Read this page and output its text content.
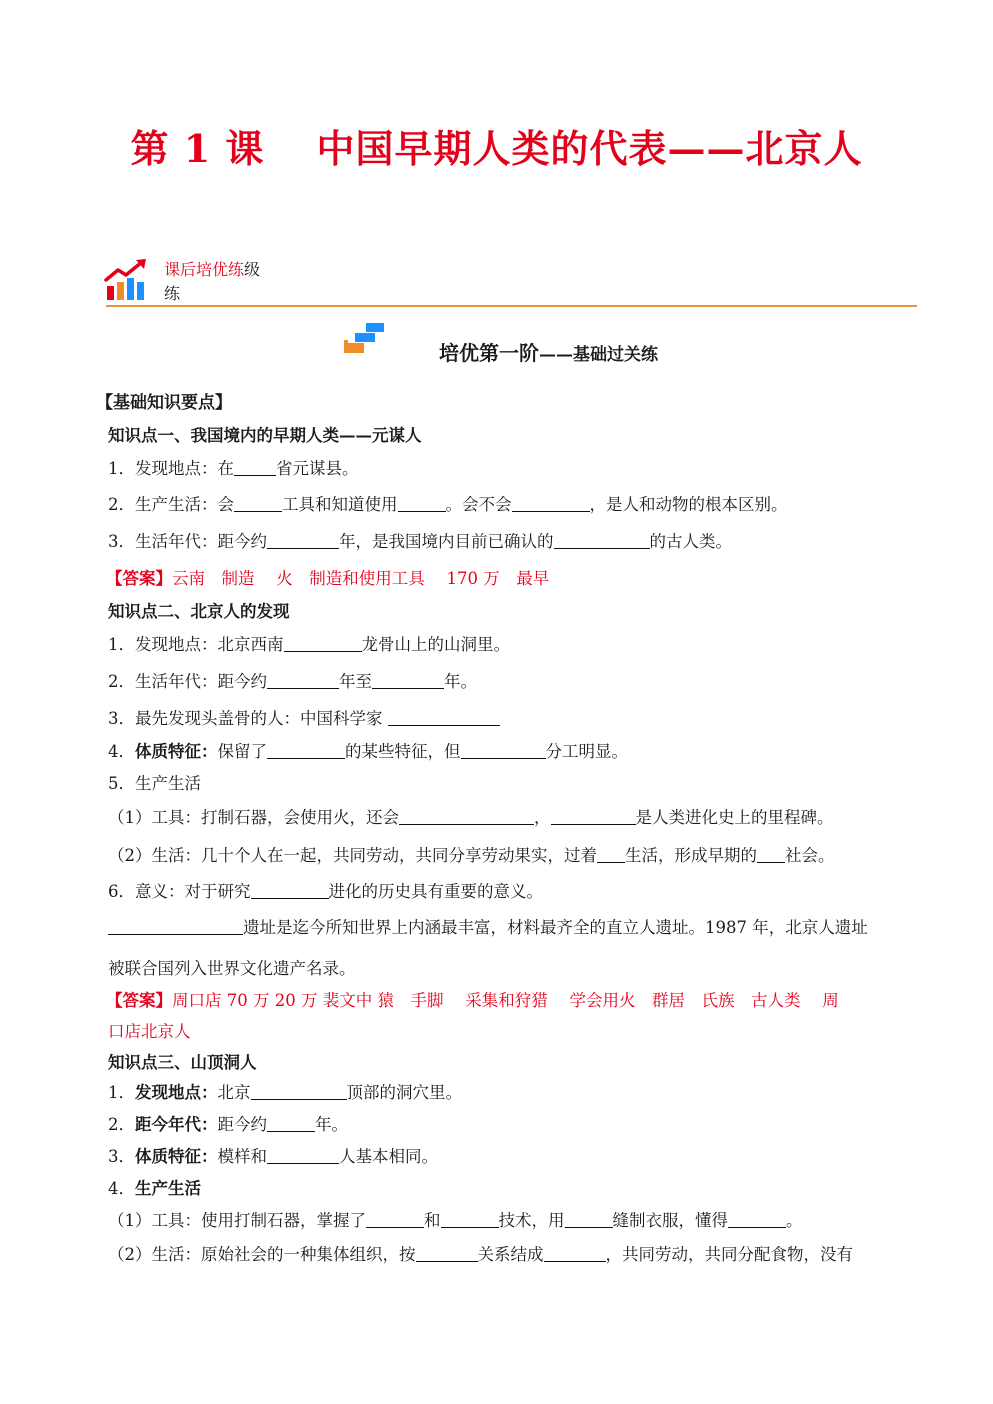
第 1 课 中国早期人类的代表——北京人
课后培优练级
练
培优第一阶——基础过关练
【基础知识要点】
知识点一、我国境内的早期人类——元谋人
1．发现地点：在	省元谋县。
2．生产生活：会	工具和知道使用	。会不会	，是人和动物的根本区别。
3．生活年代：距今约	年，是我国境内目前已确认的	的古人类。
【答案】云南　制造　 火　制造和使用工具　 170 万　最早
知识点二、北京人的发现
1．发现地点：北京西南	龙骨山上的山洞里。
2．生活年代：距今约	年至	年。
3．最先发现头盖骨的人：中国科学家
4．体质特征：保留了	的某些特征，但	分工明显。
5．生产生活
（1）工具：打制石器，会使用火，还会	，	是人类进化史上的里程碑。
（2）生活：几十个人在一起，共同劳动，共同分享劳动果实，过着 生活，形成早期的 社会。
6．意义：对于研究	进化的历史具有重要的意义。
遗址是迄今所知世界上内涵最丰富，材料最齐全的直立人遗址。1987 年，北京人遗址
被联合国列入世界文化遗产名录。
【答案】周口店 70 万 20 万 裴文中 猿　手脚　 采集和狩猎　 学会用火　群居　氏族　古人类　 周
口店北京人
知识点三、山顶洞人
1．发现地点：北京	顶部的洞穴里。
2．距今年代：距今约	年。
3．体质特征：模样和	人基本相同。
4．生产生活
（1）工具：使用打制石器，掌握了	和	技术，用	缝制衣服，懂得	。
（2）生活：原始社会的一种集体组织，按	关系结成	，共同劳动，共同分配食物，没有
